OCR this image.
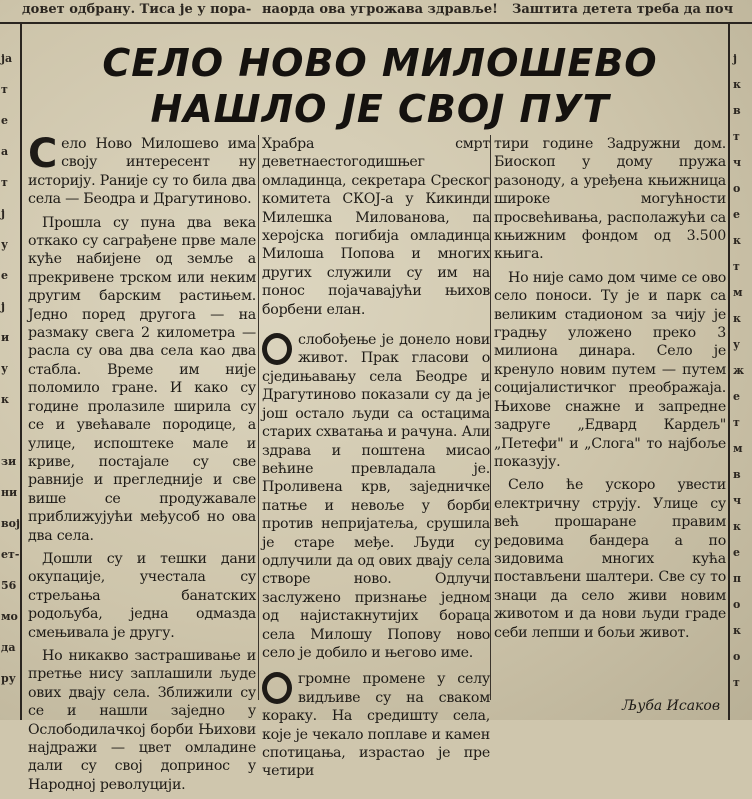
довет одбрану. Тиса је у пора- наорда ова угрожава здравље! Заштита детета треба да поч
ја
т
е
а
т
ј
у
е
ј
и
у
к
зи
ни
вој
ет-
56
мо
да
ру
ј
к
в
т
ч
о
е
к
т
м
к
у
ж
е
т
м
в
ч
к
е
п
о
к
о
т
СЕЛО НОВО МИЛОШЕВО
НАШЛО ЈЕ СВОЈ ПУТ

Село Ново Милошево има своју интересент ну историју. Раније су то била два села — Беодра и Драгутиново.

Прошла су пуна два века откако су саграђене прве мале куће набијене од земље а прекривене трском или неким другим барским растињем. Једно поред другога — на размаку свега 2 километра — расла су ова два села као два стабла. Време им није поломило гране. И како су године пролазиле ширила су се и увећавале породице, а улице, испоштеке мале и криве, постајале су све равније и прегледније и све више се продужавале приближујући међусоб но ова два села.

Дошли су и тешки дани окупације, учестала су стрељања банатских родољуба, једна одмазда смењивала је другу.

Но никакво застрашивање и претње нису заплашили људе ових двају села. Зближили су се и нашли заједно у Ослободилачкој борби Њихови најдражи — цвет омладине дали су свој допринос у Народној револуцији.

Храбра смрт деветнаестогодишњег омладинца, секретара Среског комитета СКОЈ-а у Кикинди Милешка Милованова, па херојска погибија омладинца Милоша Попова и многих других служили су им на понос појачавајући њихов борбени елан.

слобођење је донело нови живот. Прак гласови о сједињавању села Беодре и Драгутиново показали су да је још остало људи са остацима старих схватања и рачуна. Али здрава и поштена мисао већине превладала је. Проливена крв, заједничке патње и невоље у борби против непријатеља, срушила је старе међе. Људи су одлучили да од ових двају села створе ново. Одлучи заслужено признање једном од најистакнутијих бораца села Милошу Попову ново село је добило и његово име.

громне промене у селу видљиве су на сваком кораку. На средишту села, које је чекало поплаве и камен спотицања, израстао је пре четири

тири године Задружни дом. Биоскоп у дому пружа разоноду, а уређена књижница широке могућности просвећивања, располажући са књижним фондом од 3.500 књига.

Но није само дом чиме се ово село поноси. Ту је и парк са великим стадионом за чију је градњу уложено преко 3 милиона динара. Село је кренуло новим путем — путем социјалистичког преображаја. Њихове снажне и запреднe задруге „Едвард Кардељ" „Петефи" и „Слога" то најбоље показују.

Село ће ускоро увести електричну струју. Улице су већ прошаране правим редовима бандера а по зидовима многих кућа постављени шалтери. Све су то знаци да село живи новим животом и да нови људи граде себи лепши и бољи живот.

Љуба Исаков
